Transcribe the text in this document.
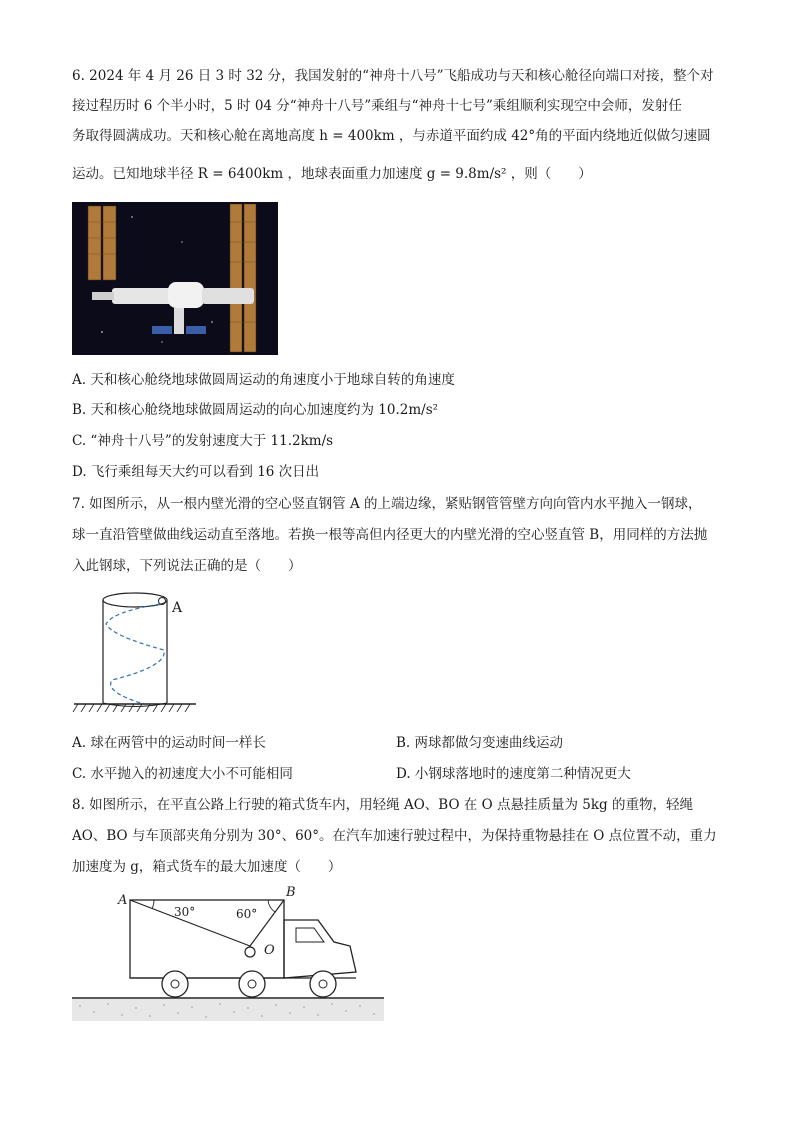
6. 2024 年 4 月 26 日 3 时 32 分，我国发射的“神舟十八号”飞船成功与天和核心舱径向端口对接，整个对
接过程历时 6 个半小时，5 时 04 分“神舟十八号”乘组与“神舟十七号”乘组顺利实现空中会师，发射任
务取得圆满成功。天和核心舱在离地高度 h = 400km ，与赤道平面约成 42°角的平面内绕地近似做匀速圆
运动。已知地球半径 R = 6400km ，地球表面重力加速度 g = 9.8m/s² ，则（　　）
A. 天和核心舱绕地球做圆周运动的角速度小于地球自转的角速度
B. 天和核心舱绕地球做圆周运动的向心加速度约为 10.2m/s²
C. “神舟十八号”的发射速度大于 11.2km/s
D. 飞行乘组每天大约可以看到 16 次日出
7. 如图所示，从一根内壁光滑的空心竖直钢管 A 的上端边缘，紧贴钢管管壁方向向管内水平抛入一钢球，
球一直沿管壁做曲线运动直至落地。若换一根等高但内径更大的内壁光滑的空心竖直管 B，用同样的方法抛
入此钢球，下列说法正确的是（　　）
A
A. 球在两管中的运动时间一样长	B. 两球都做匀变速曲线运动
C. 水平抛入的初速度大小不可能相同	D. 小钢球落地时的速度第二种情况更大
8. 如图所示，在平直公路上行驶的箱式货车内，用轻绳 AO、BO 在 O 点悬挂质量为 5kg 的重物，轻绳
AO、BO 与车顶部夹角分别为 30°、60°。在汽车加速行驶过程中，为保持重物悬挂在 O 点位置不动，重力
加速度为 g，箱式货车的最大加速度（　　）
A
B
O
30°	60°
